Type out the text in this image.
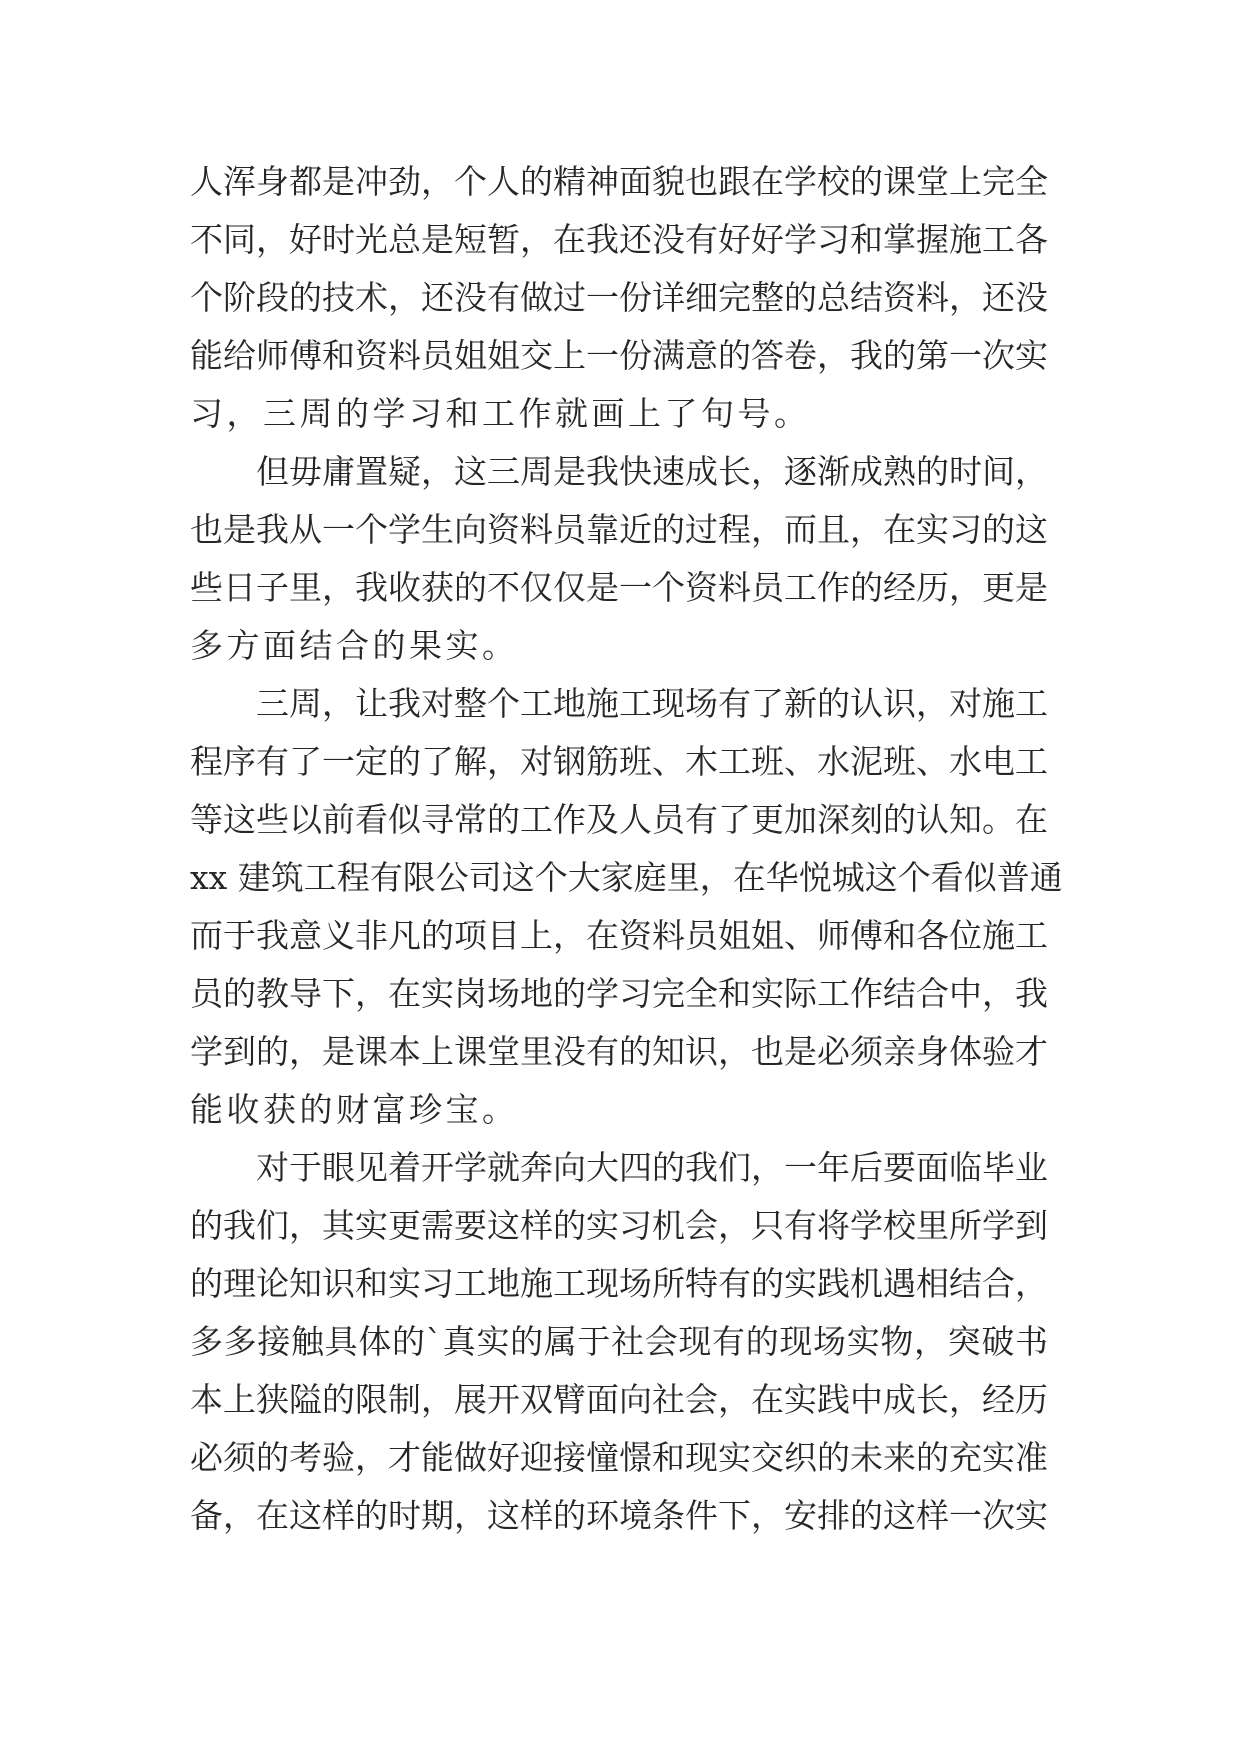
人浑身都是冲劲，个人的精神面貌也跟在学校的课堂上完全
不同，好时光总是短暂，在我还没有好好学习和掌握施工各
个阶段的技术，还没有做过一份详细完整的总结资料，还没
能给师傅和资料员姐姐交上一份满意的答卷，我的第一次实
习，三周的学习和工作就画上了句号。
但毋庸置疑，这三周是我快速成长，逐渐成熟的时间，
也是我从一个学生向资料员靠近的过程，而且，在实习的这
些日子里，我收获的不仅仅是一个资料员工作的经历，更是
多方面结合的果实。
三周，让我对整个工地施工现场有了新的认识，对施工
程序有了一定的了解，对钢筋班、木工班、水泥班、水电工
等这些以前看似寻常的工作及人员有了更加深刻的认知。在
xx 建筑工程有限公司这个大家庭里，在华悦城这个看似普通
而于我意义非凡的项目上，在资料员姐姐、师傅和各位施工
员的教导下，在实岗场地的学习完全和实际工作结合中，我
学到的，是课本上课堂里没有的知识，也是必须亲身体验才
能收获的财富珍宝。
对于眼见着开学就奔向大四的我们，一年后要面临毕业
的我们，其实更需要这样的实习机会，只有将学校里所学到
的理论知识和实习工地施工现场所特有的实践机遇相结合，
多多接触具体的`真实的属于社会现有的现场实物，突破书
本上狭隘的限制，展开双臂面向社会，在实践中成长，经历
必须的考验，才能做好迎接憧憬和现实交织的未来的充实准
备，在这样的时期，这样的环境条件下，安排的这样一次实
